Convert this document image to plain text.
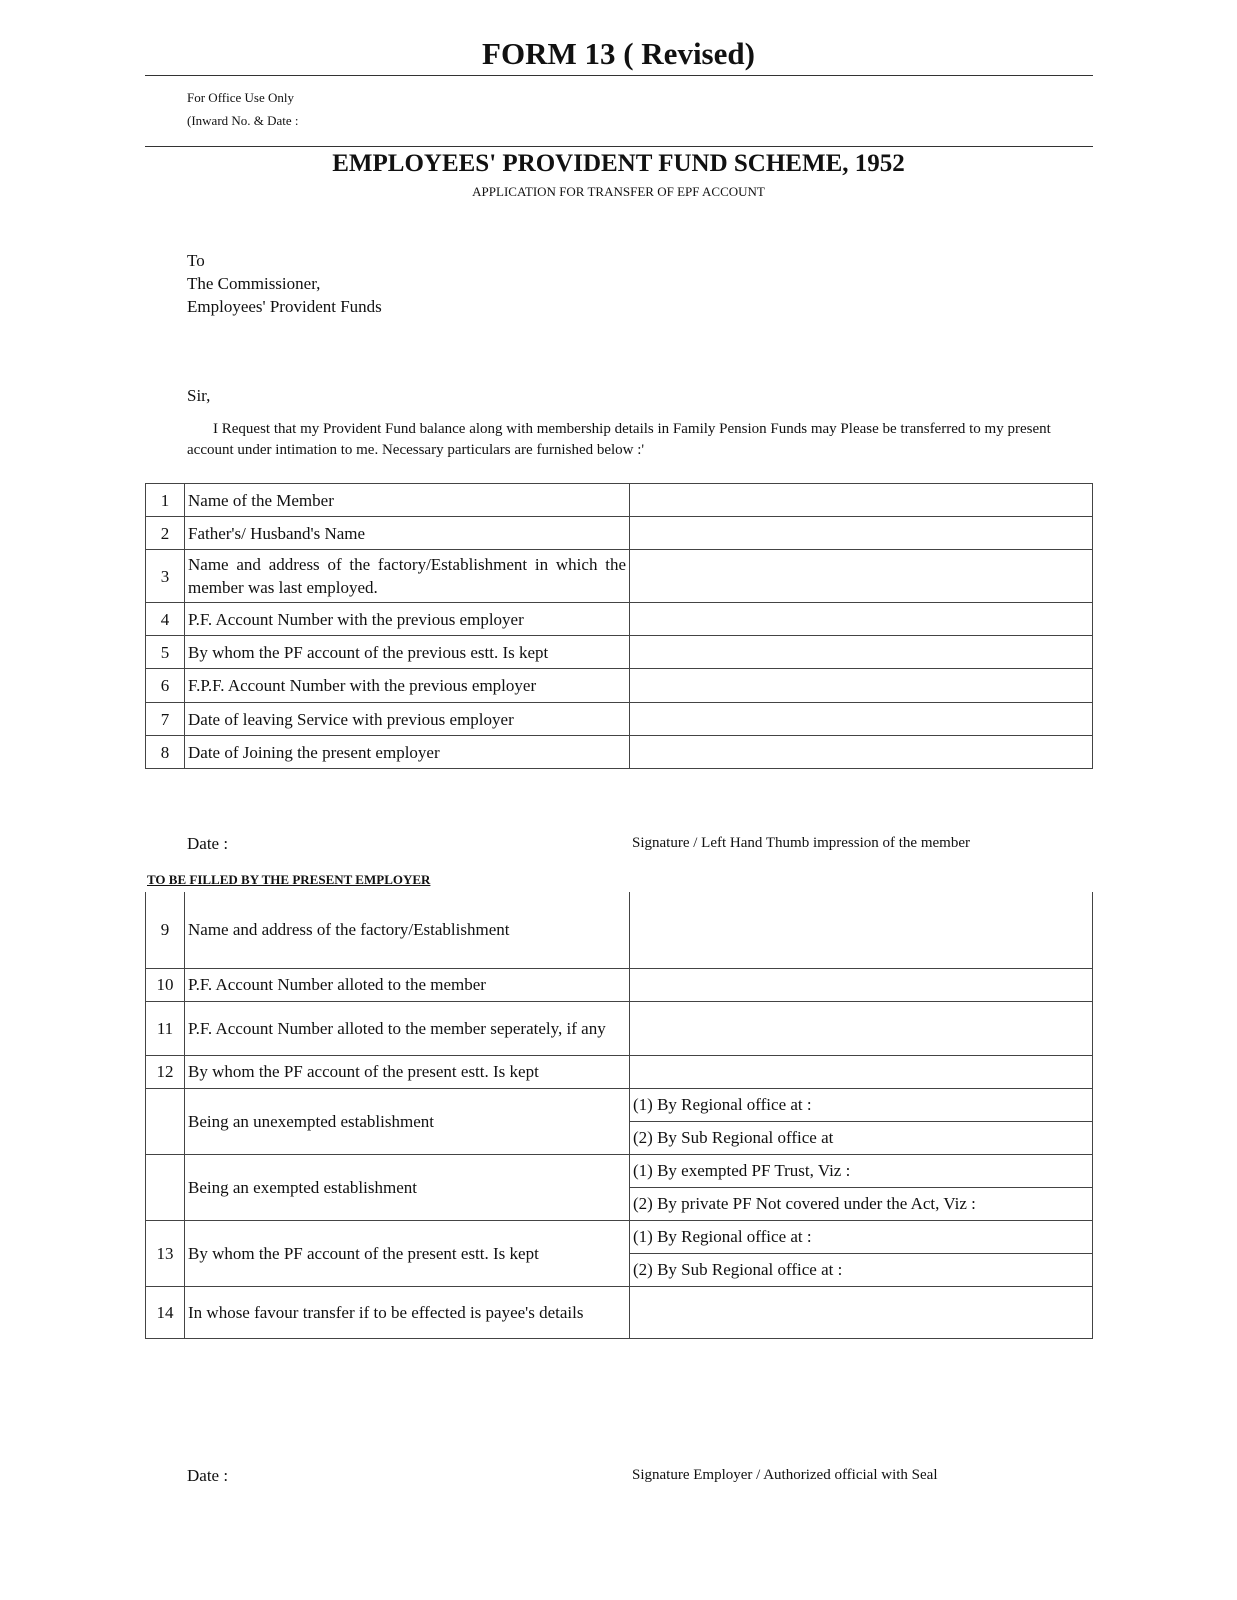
FORM 13 ( Revised)
For Office Use Only
(Inward No. & Date :
EMPLOYEES' PROVIDENT FUND SCHEME, 1952
APPLICATION FOR TRANSFER OF EPF ACCOUNT
To
The Commissioner,
Employees' Provident Funds
Sir,
I Request that my Provident Fund balance along with membership details in Family Pension Funds may Please be transferred to my present account under intimation to me. Necessary particulars are furnished below :'
1	Name of the Member	
2	Father's/ Husband's Name	
3	Name and address of the factory/Establishment in which the member was last employed.	
4	P.F. Account Number with the previous employer	
5	By whom the PF account of the previous estt. Is kept	
6	F.P.F. Account Number with the previous employer	
7	Date of leaving Service with previous employer	
8	Date of Joining the present employer	
Date :	Signature / Left Hand Thumb impression of the member
TO BE FILLED BY THE PRESENT EMPLOYER
9	Name and address of the factory/Establishment	
10	P.F. Account Number alloted to the member	
11	P.F. Account Number alloted to the member seperately, if any	
12	By whom the PF account of the present estt. Is kept	
	Being an unexempted establishment	(1) By Regional office at :
		(2) By Sub Regional office at
	Being an exempted establishment	(1) By exempted PF Trust, Viz :
		(2) By private PF Not covered under the Act, Viz :
13	By whom the PF account of the present estt. Is kept	(1) By Regional office at :
		(2) By Sub Regional office at :
14	In whose favour transfer if to be effected is payee's details	
Date :	Signature Employer / Authorized official with Seal
